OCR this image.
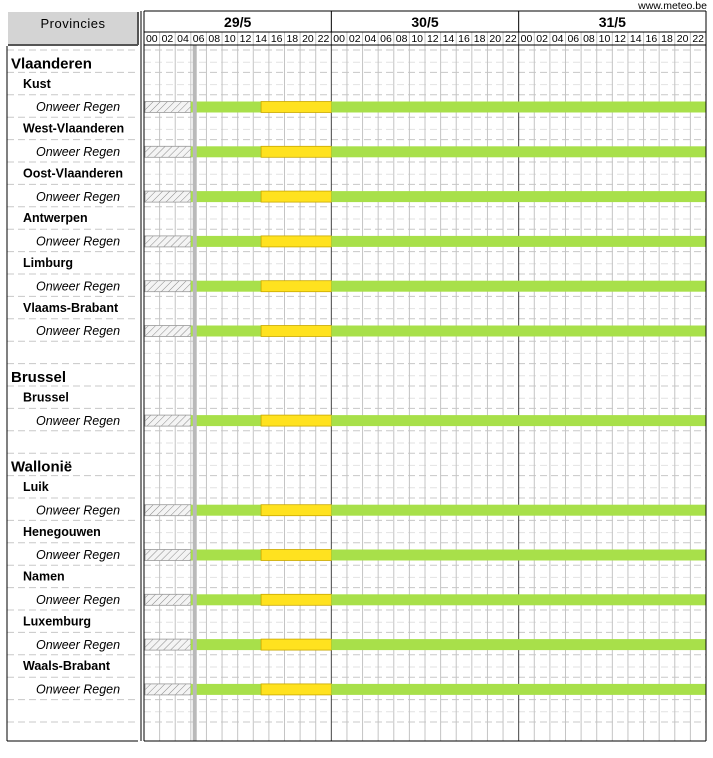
www.meteo.be
29/5	30/5	31/5
00 02 04 06 08 10 12 14 16 18 20 22 00 02 04 06 08 10 12 14 16 18 20 22 00 02 04 06 08 10 12 14 16 18 20 22
Provincies
Vlaanderen
Kust
Onweer Regen
West-Vlaanderen
Onweer Regen
Oost-Vlaanderen
Onweer Regen
Antwerpen
Onweer Regen
Limburg
Onweer Regen
Vlaams-Brabant
Onweer Regen
Brussel
Brussel
Onweer Regen
Wallonië
Luik
Onweer Regen
Henegouwen
Onweer Regen
Namen
Onweer Regen
Luxemburg
Onweer Regen
Waals-Brabant
Onweer Regen
